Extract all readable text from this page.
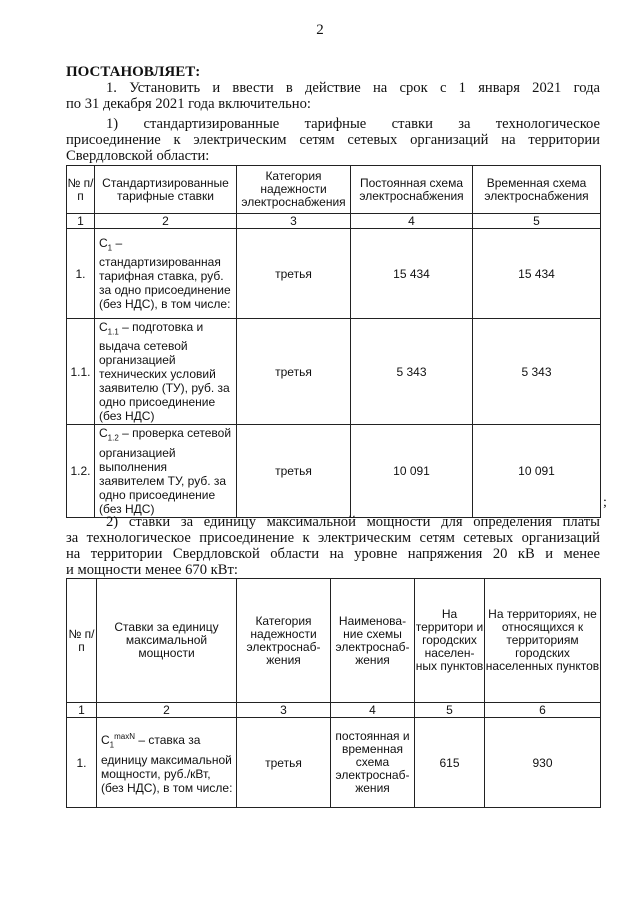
2
ПОСТАНОВЛЯЕТ:
1. Установить и ввести в действие на срок с 1 января 2021 года
по 31 декабря 2021 года включительно:
1) стандартизированные тарифные ставки за технологическое
присоединение к электрическим сетям сетевых организаций на территории
Свердловской области:
№ п/п	Стандартизированные тарифные ставки	Категория надежности электроснабжения	Постоянная схема электроснабжения	Временная схема электроснабжения
1	2	3	4	5
1.	$С_1$ – стандартизированная тарифная ставка, руб. за одно присоединение (без НДС), в том числе:	третья	15 434	15 434
1.1.	$С_{1.1}$ – подготовка и выдача сетевой организацией технических условий заявителю (ТУ), руб. за одно присоединение (без НДС)	третья	5 343	5 343
1.2.	$С_{1.2}$ – проверка сетевой организацией выполнения заявителем ТУ, руб. за одно присоединение (без НДС)	третья	10 091	10 091
;
2) ставки за единицу максимальной мощности для определения платы
за технологическое присоединение к электрическим сетям сетевых организаций
на территории Свердловской области на уровне напряжения 20 кВ и менее
и мощности менее 670 кВт:
№ п/п	Ставки за единицу максимальной мощности	Категория надежности электроснаб-жения	Наименова-ние схемы электроснаб-жения	На территори и городских населен-ных пунктов	На территориях, не относящихся к территориям городских населенных пунктов
1	2	3	4	5	6
1.	$С_1^{maxN}$ – ставка за единицу максимальной мощности, руб./кВт, (без НДС), в том числе:	третья	постоянная и временная схема электроснаб-жения	615	930
